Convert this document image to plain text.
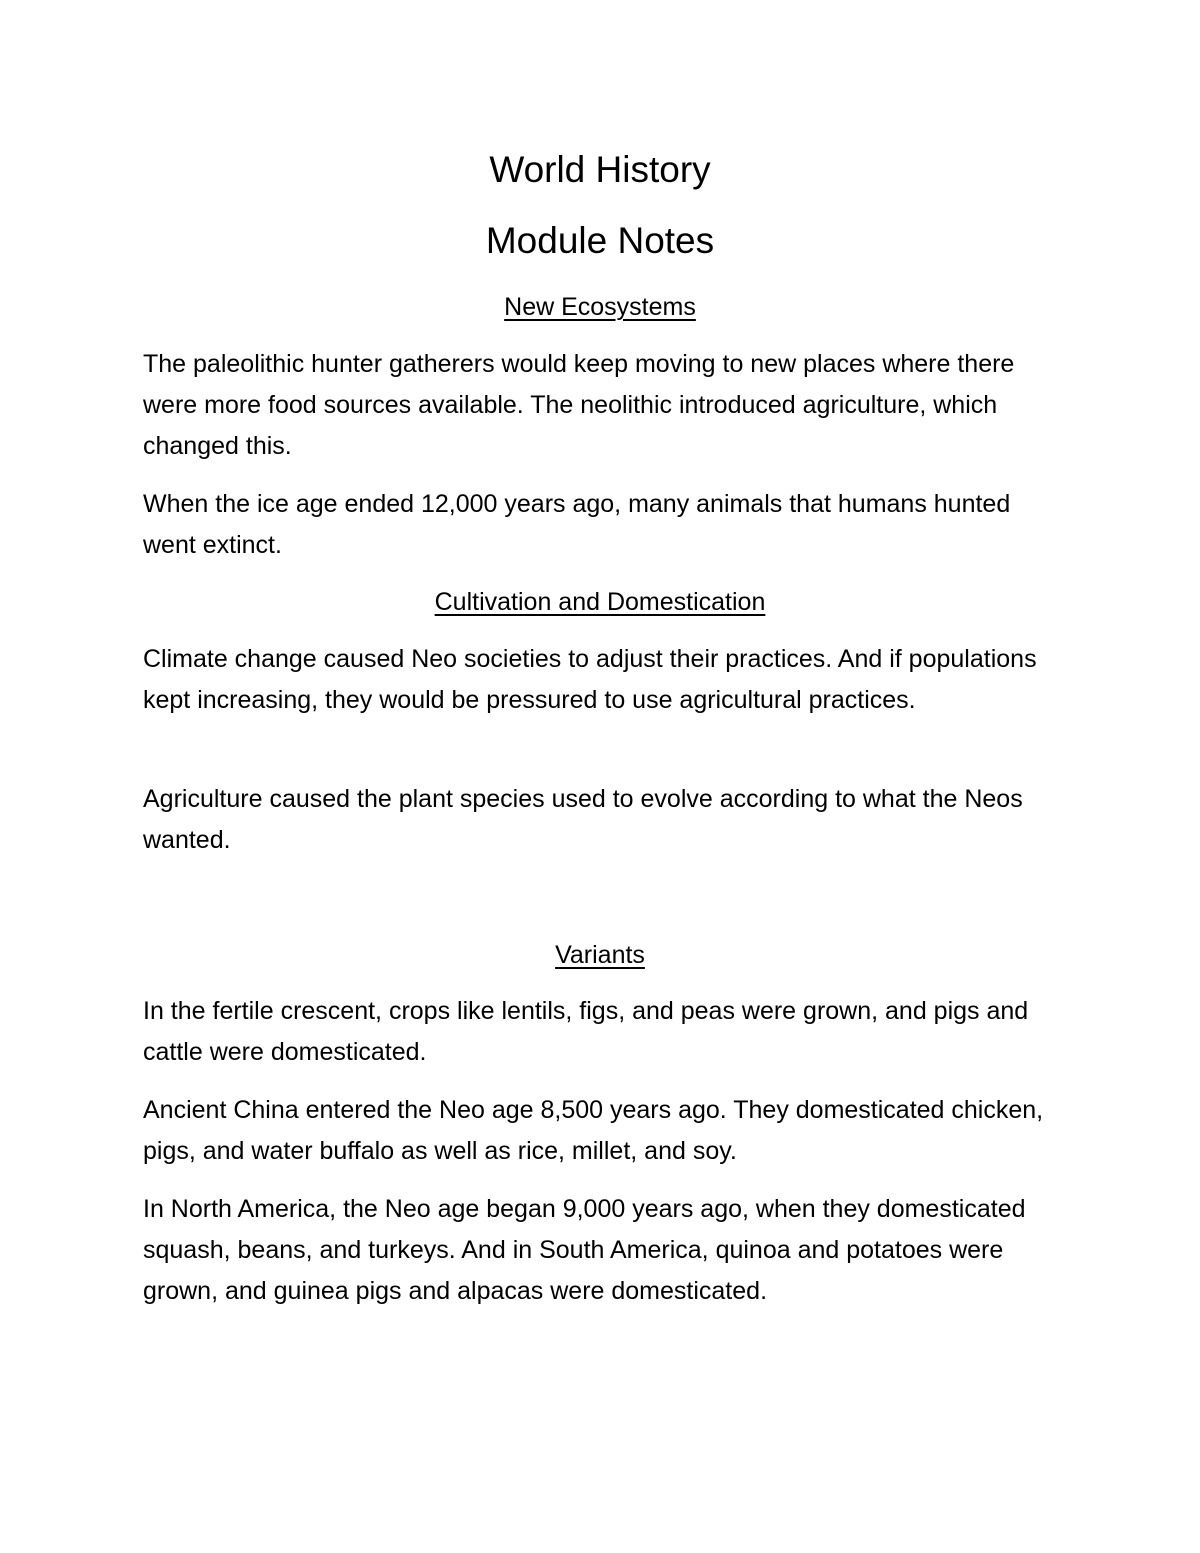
World History
Module Notes
New Ecosystems

The paleolithic hunter gatherers would keep moving to new places where there were more food sources available. The neolithic introduced agriculture, which changed this.

When the ice age ended 12,000 years ago, many animals that humans hunted went extinct.

Cultivation and Domestication

Climate change caused Neo societies to adjust their practices. And if populations kept increasing, they would be pressured to use agricultural practices.

Agriculture caused the plant species used to evolve according to what the Neos wanted.

Variants

In the fertile crescent, crops like lentils, figs, and peas were grown, and pigs and cattle were domesticated.

Ancient China entered the Neo age 8,500 years ago. They domesticated chicken, pigs, and water buffalo as well as rice, millet, and soy.

In North America, the Neo age began 9,000 years ago, when they domesticated squash, beans, and turkeys. And in South America, quinoa and potatoes were grown, and guinea pigs and alpacas were domesticated.
